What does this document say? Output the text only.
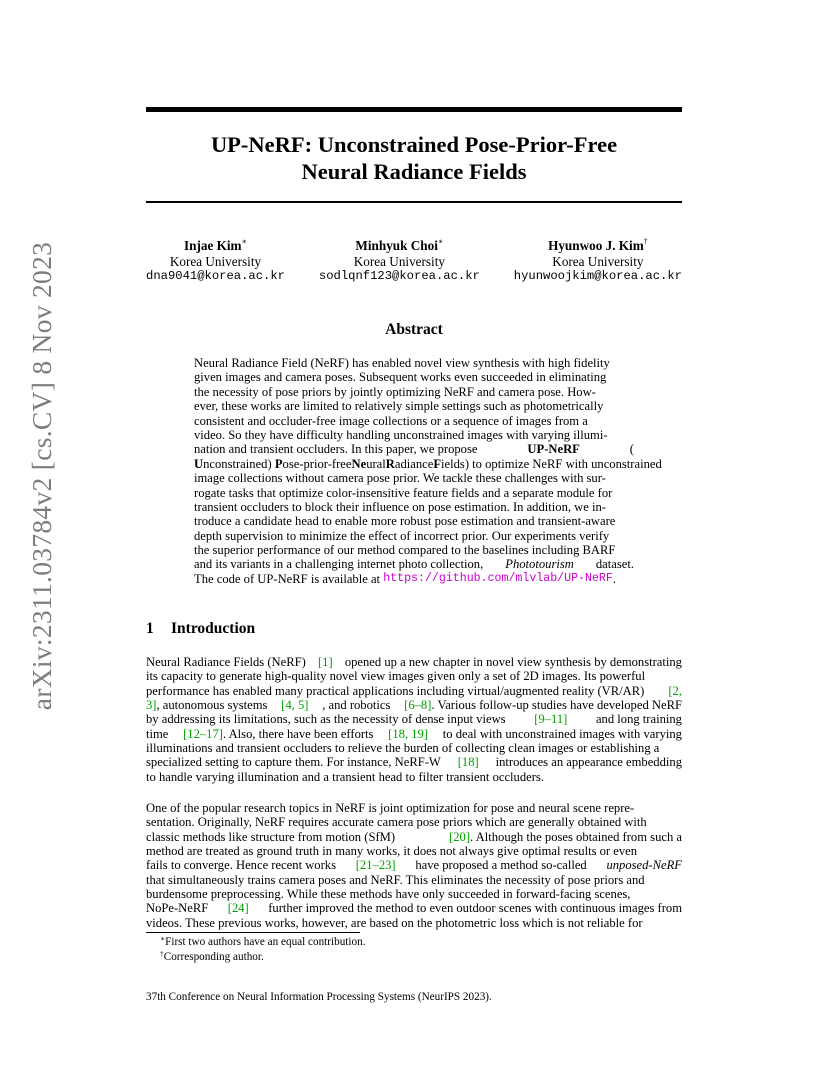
arXiv:2311.03784v2 [cs.CV] 8 Nov 2023
UP-NeRF: Unconstrained Pose-Prior-Free
Neural Radiance Fields
Injae Kim∗
Korea University
dna9041@korea.ac.kr
Minhyuk Choi∗
Korea University
sodlqnf123@korea.ac.kr
Hyunwoo J. Kim†
Korea University
hyunwoojkim@korea.ac.kr
Abstract
Neural Radiance Field (NeRF) has enabled novel view synthesis with high fidelity
given images and camera poses. Subsequent works even succeeded in eliminating
the necessity of pose priors by jointly optimizing NeRF and camera pose. How-
ever, these works are limited to relatively simple settings such as photometrically
consistent and occluder-free image collections or a sequence of images from a
video. So they have difficulty handling unconstrained images with varying illumi-
nation and transient occluders. In this paper, we propose	UP-NeRF	(
Unconstrained ) Pose-prior-free Neural Radiance Fields) to optimize NeRF with unconstrained
image collections without camera pose prior. We tackle these challenges with sur-
rogate tasks that optimize color-insensitive feature fields and a separate module for
transient occluders to block their influence on pose estimation. In addition, we in-
troduce a candidate head to enable more robust pose estimation and transient-aware
depth supervision to minimize the effect of incorrect prior. Our experiments verify
the superior performance of our method compared to the baselines including BARF
and its variants in a challenging internet photo collection, Phototourism dataset.
The code of UP-NeRF is available at
https://github.com/mlvlab/UP-NeRF .
1 Introduction
Neural Radiance Fields (NeRF) [1] opened up a new chapter in novel view synthesis by demonstrating
its capacity to generate high-quality novel view images given only a set of 2D images. Its powerful
performance has enabled many practical applications including virtual/augmented reality (VR/AR) [2,
3], autonomous systems [4, 5] , and robotics [6–8]. Various follow-up studies have developed NeRF
by addressing its limitations, such as the necessity of dense input views [9–11] and long training
time [12–17]. Also, there have been efforts [18, 19] to deal with unconstrained images with varying
illuminations and transient occluders to relieve the burden of collecting clean images or establishing a
specialized setting to capture them. For instance, NeRF-W [18] introduces an appearance embedding
to handle varying illumination and a transient head to filter transient occluders.
One of the popular research topics in NeRF is joint optimization for pose and neural scene repre-
sentation. Originally, NeRF requires accurate camera pose priors which are generally obtained with
classic methods like structure from motion (SfM)	[20]. Although the poses obtained from such a
method are treated as ground truth in many works, it does not always give optimal results or even
fails to converge. Hence recent works [21–23] have proposed a method so-called unposed-NeRF
that simultaneously trains camera poses and NeRF. This eliminates the necessity of pose priors and
burdensome preprocessing. While these methods have only succeeded in forward-facing scenes,
NoPe-NeRF [24] further improved the method to even outdoor scenes with continuous images from
videos. These previous works, however, are based on the photometric loss which is not reliable for
∗First two authors have an equal contribution.
†Corresponding author.
37th Conference on Neural Information Processing Systems (NeurIPS 2023).
